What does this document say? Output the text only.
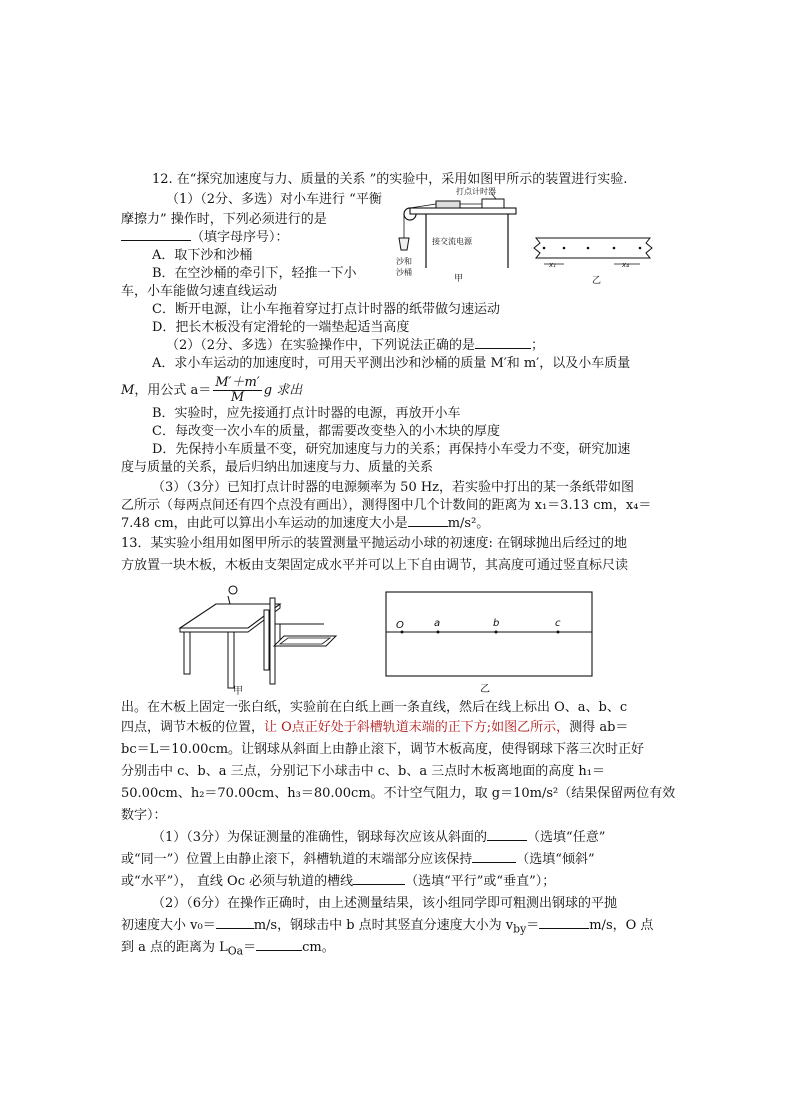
12. 在“探究加速度与力、质量的关系 ”的实验中，采用如图甲所示的装置进行实验.
（1）（2分、多选）对小车进行 “平衡
摩擦力” 操作时，下列必须进行的是
（填字母序号）：
A．取下沙和沙桶
B．在空沙桶的牵引下，轻推一下小
车，小车能做匀速直线运动
C．断开电源，让小车拖着穿过打点计时器的纸带做匀速运动
D．把长木板没有定滑轮的一端垫起适当高度
（2）（2分、多选）在实验操作中，下列说法正确的是	；
A．求小车运动的加速度时，可用天平测出沙和沙桶的质量 M′和 m′，以及小车质量
M，用公式 $a= \frac{M'+m'}{M}$ g 求出
B．实验时，应先接通打点计时器的电源，再放开小车
C．每改变一次小车的质量，都需要改变垫入的小木块的厚度
D．先保持小车质量不变，研究加速度与力的关系；再保持小车受力不变，研究加速
度与质量的关系，最后归纳出加速度与力、质量的关系
（3）（3分）已知打点计时器的电源频率为 50 Hz，若实验中打出的某一条纸带如图
乙所示（每两点间还有四个点没有画出），测得图中几个计数间的距离为 x₁＝3.13 cm，x₄＝
7.48 cm，由此可以算出小车运动的加速度大小是	m/s²。
打点计时器
沙和
沙桶
接交流电源
甲
x₁	x₄
乙
13．某实验小组用如图甲所示的装置测量平抛运动小球的初速度: 在钢球抛出后经过的地
方放置一块木板，木板由支架固定成水平并可以上下自由调节，其高度可通过竖直标尺读
甲
O	a	b	c
乙
出。在木板上固定一张白纸，实验前在白纸上画一条直线，然后在线上标出 O、a、b、c
四点，调节木板的位置，让 O点正好处于斜槽轨道末端的正下方;如图乙所示，测得 ab＝
bc＝L＝10.00cm。让钢球从斜面上由静止滚下，调节木板高度，使得钢球下落三次时正好
分别击中 c、b、a 三点，分别记下小球击中 c、b、a 三点时木板离地面的高度 h₁＝
50.00cm、h₂＝70.00cm、h₃＝80.00cm。不计空气阻力，取 g＝10m/s²（结果保留两位有效
数字）：
（1）（3分）为保证测量的准确性，钢球每次应该从斜面的	（选填“任意”
或“同一”）位置上由静止滚下，斜槽轨道的末端部分应该保持	（选填“倾斜”
或“水平”）， 直线 Oc 必须与轨道的槽线	（选填“平行”或“垂直”）；
（2）（6分）在操作正确时，由上述测量结果，该小组同学即可粗测出钢球的平抛
初速度大小 v₀＝	m/s，钢球击中 b 点时其竖直分速度大小为 $v_{by}=$	m/s，O 点
到 a 点的距离为 $L_{Oa}=$	cm。
